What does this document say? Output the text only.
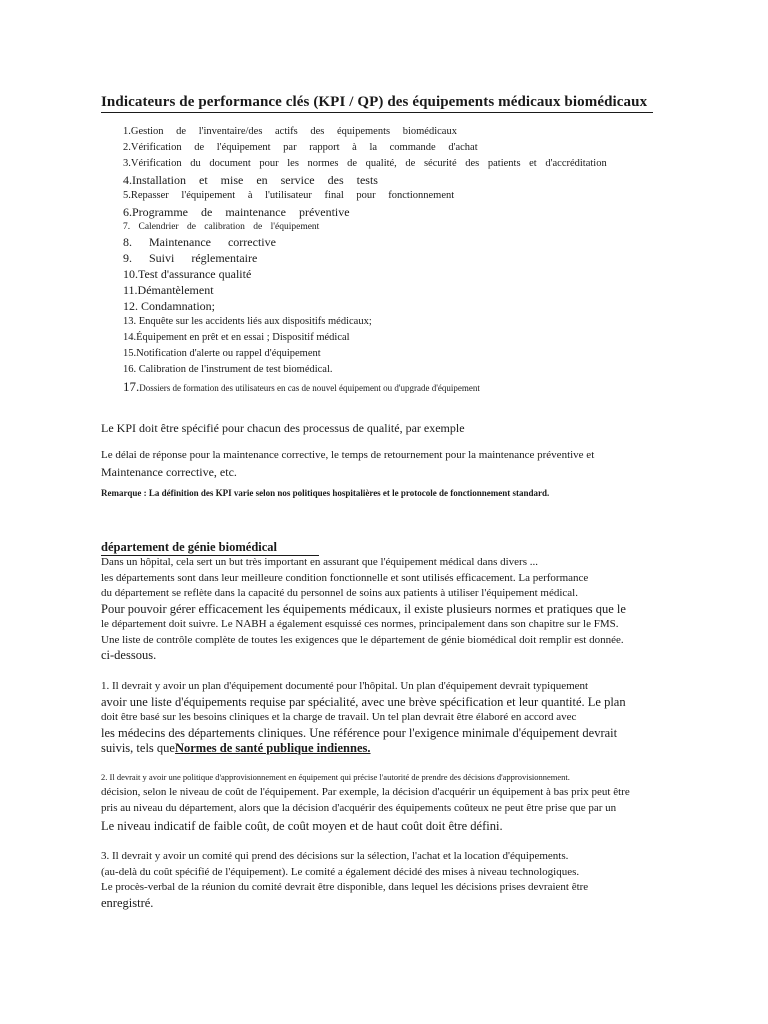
Indicateurs de performance clés (KPI / QP) des équipements médicaux biomédicaux
1.Gestion de l'inventaire/des actifs des équipements biomédicaux
2.Vérification de l'équipement par rapport à la commande d'achat
3.Vérification du document pour les normes de qualité, de sécurité des patients et d'accréditation
4.Installation et mise en service des tests
5.Repasser l'équipement à l'utilisateur final pour fonctionnement
6.Programme de maintenance préventive
7. Calendrier de calibration de l'équipement
8. Maintenance corrective
9. Suivi réglementaire
10.Test d'assurance qualité
11.Démantèlement
12. Condamnation;
13. Enquête sur les accidents liés aux dispositifs médicaux;
14.Équipement en prêt et en essai ; Dispositif médical
15.Notification d'alerte ou rappel d'équipement
16. Calibration de l'instrument de test biomédical.
17.Dossiers de formation des utilisateurs en cas de nouvel équipement ou d'upgrade d'équipement
Le KPI doit être spécifié pour chacun des processus de qualité, par exemple
Le délai de réponse pour la maintenance corrective, le temps de retournement pour la maintenance préventive et
Maintenance corrective, etc.
Remarque : La définition des KPI varie selon nos politiques hospitalières et le protocole de fonctionnement standard.
département de génie biomédical
Dans un hôpital, cela sert un but très important en assurant que l'équipement médical dans divers ...
les départements sont dans leur meilleure condition fonctionnelle et sont utilisés efficacement. La performance
du département se reflète dans la capacité du personnel de soins aux patients à utiliser l'équipement médical.
Pour pouvoir gérer efficacement les équipements médicaux, il existe plusieurs normes et pratiques que le
le département doit suivre. Le NABH a également esquissé ces normes, principalement dans son chapitre sur le FMS.
Une liste de contrôle complète de toutes les exigences que le département de génie biomédical doit remplir est donnée.
ci-dessous.
1. Il devrait y avoir un plan d'équipement documenté pour l'hôpital. Un plan d'équipement devrait typiquement
avoir une liste d'équipements requise par spécialité, avec une brève spécification et leur quantité. Le plan
doit être basé sur les besoins cliniques et la charge de travail. Un tel plan devrait être élaboré en accord avec
les médecins des départements cliniques. Une référence pour l'exigence minimale d'équipement devrait
suivis, tels queNormes de santé publique indiennes.
2. Il devrait y avoir une politique d'approvisionnement en équipement qui précise l'autorité de prendre des décisions d'approvisionnement.
décision, selon le niveau de coût de l'équipement. Par exemple, la décision d'acquérir un équipement à bas prix peut être
pris au niveau du département, alors que la décision d'acquérir des équipements coûteux ne peut être prise que par un
Le niveau indicatif de faible coût, de coût moyen et de haut coût doit être défini.
3. Il devrait y avoir un comité qui prend des décisions sur la sélection, l'achat et la location d'équipements.
(au-delà du coût spécifié de l'équipement). Le comité a également décidé des mises à niveau technologiques.
Le procès-verbal de la réunion du comité devrait être disponible, dans lequel les décisions prises devraient être
enregistré.
